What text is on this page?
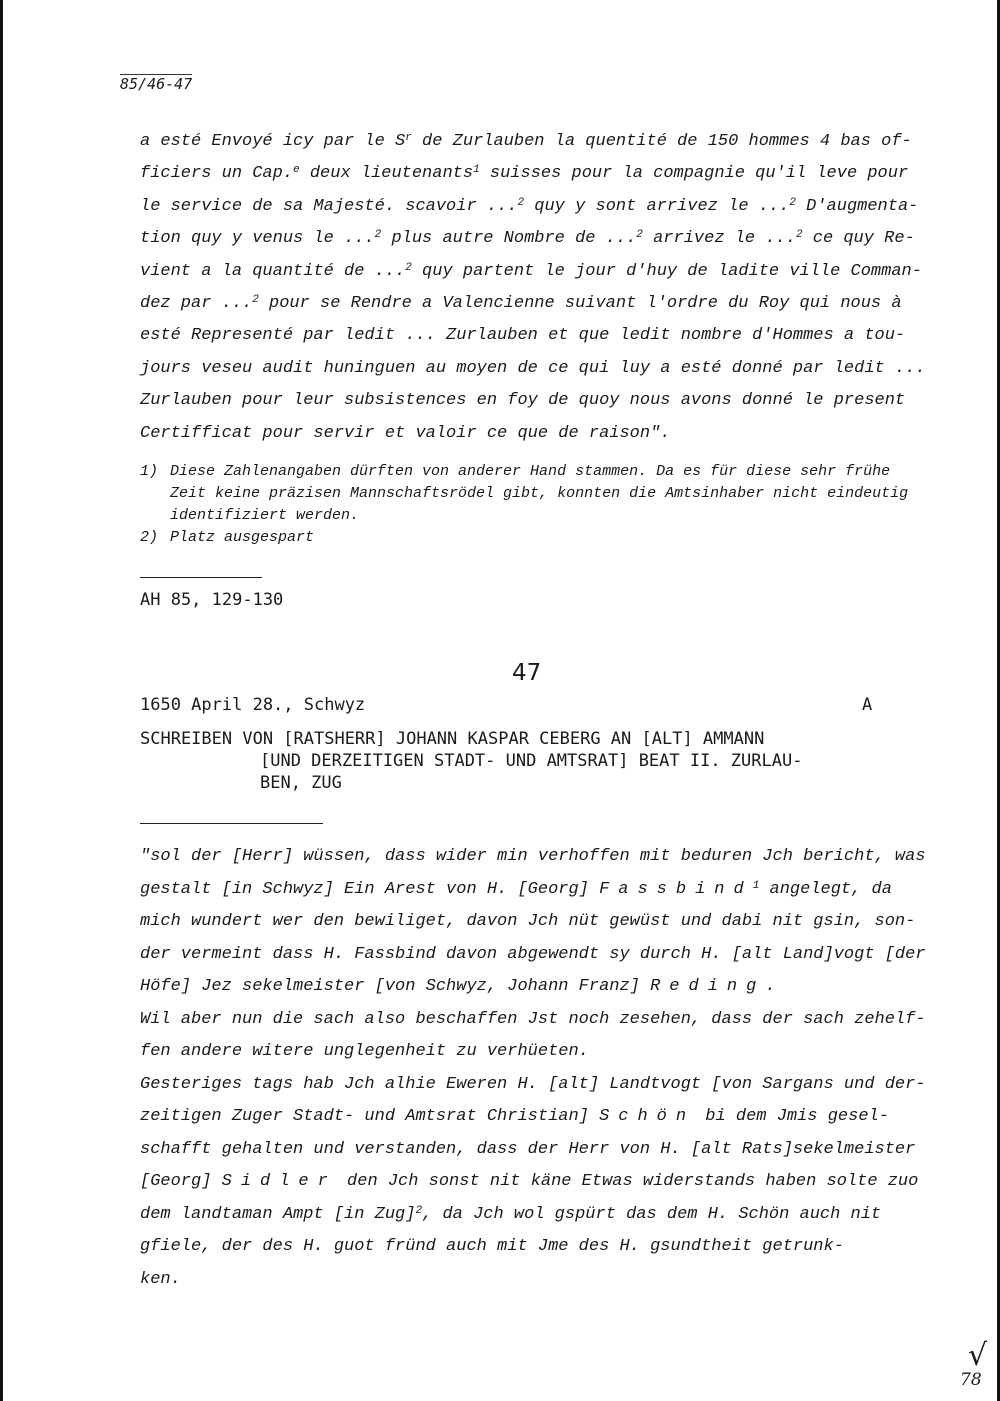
85/46-47

a esté Envoyé icy par le $S^r$ de Zurlauben la quentité de 150 hommes 4 bas of-

ficiers un Cap.$^e$ deux lieutenants$^1$ suisses pour la compagnie qu'il leve pour

le service de sa Majesté. scavoir ...$^2$ quy y sont arrivez le ...$^2$ D'augmenta-

tion quy y venus le ...$^2$ plus autre Nombre de ...$^2$ arrivez le ...$^2$ ce quy Re-

vient a la quantité de ...$^2$ quy partent le jour d'huy de ladite ville Comman-

dez par ...$^2$ pour se Rendre a Valencienne suivant l'ordre du Roy qui nous à

esté Representé par ledit ... Zurlauben et que ledit nombre d'Hommes a tou-

jours veseu audit huninguen au moyen de ce qui luy a esté donné par ledit ...

Zurlauben pour leur subsistences en foy de quoy nous avons donné le present

Certifficat pour servir et valoir ce que de raison".

1) Diese Zahlenangaben dürften von anderer Hand stammen. Da es für diese sehr frühe Zeit keine präzisen Mannschaftsrödel gibt, konnten die Amtsinhaber nicht eindeutig identifiziert werden.
2) Platz ausgespart
AH 85, 129-130
47
1650 April 28., Schwyz	A
SCHREIBEN VON [RATSHERR] JOHANN KASPAR CEBERG AN [ALT] AMMANN
[UND DERZEITIGEN STADT- UND AMTSRAT] BEAT II. ZURLAU-
BEN, ZUG

"sol der [Herr] wüssen, dass wider min verhoffen mit beduren Jch bericht, was

gestalt [in Schwyz] Ein Arest von H. [Georg] Fassbind$^1$ angelegt, da

mich wundert wer den bewiliget, davon Jch nüt gewüst und dabi nit gsin, son-

der vermeint dass H. Fassbind davon abgewendt sy durch H. [alt Land]vogt [der

Höfe] Jez sekelmeister [von Schwyz, Johann Franz] Reding.

Wil aber nun die sach also beschaffen Jst noch zesehen, dass der sach zehelf-

fen andere witere unglegenheit zu verhüeten.

Gesteriges tags hab Jch alhie Eweren H. [alt] Landtvogt [von Sargans und der-

zeitigen Zuger Stadt- und Amtsrat Christian] Schön bi dem Jmis gesel-

schafft gehalten und verstanden, dass der Herr von H. [alt Rats]sekelmeister

[Georg] Sidler den Jch sonst nit käne Etwas widerstands haben solte zuo

dem landtaman Ampt [in Zug]$^2$, da Jch wol gspürt das dem H. Schön auch nit

gfiele, der des H. guot fründ auch mit Jme des H. gsundtheit getrunk-

ken.

√
78
